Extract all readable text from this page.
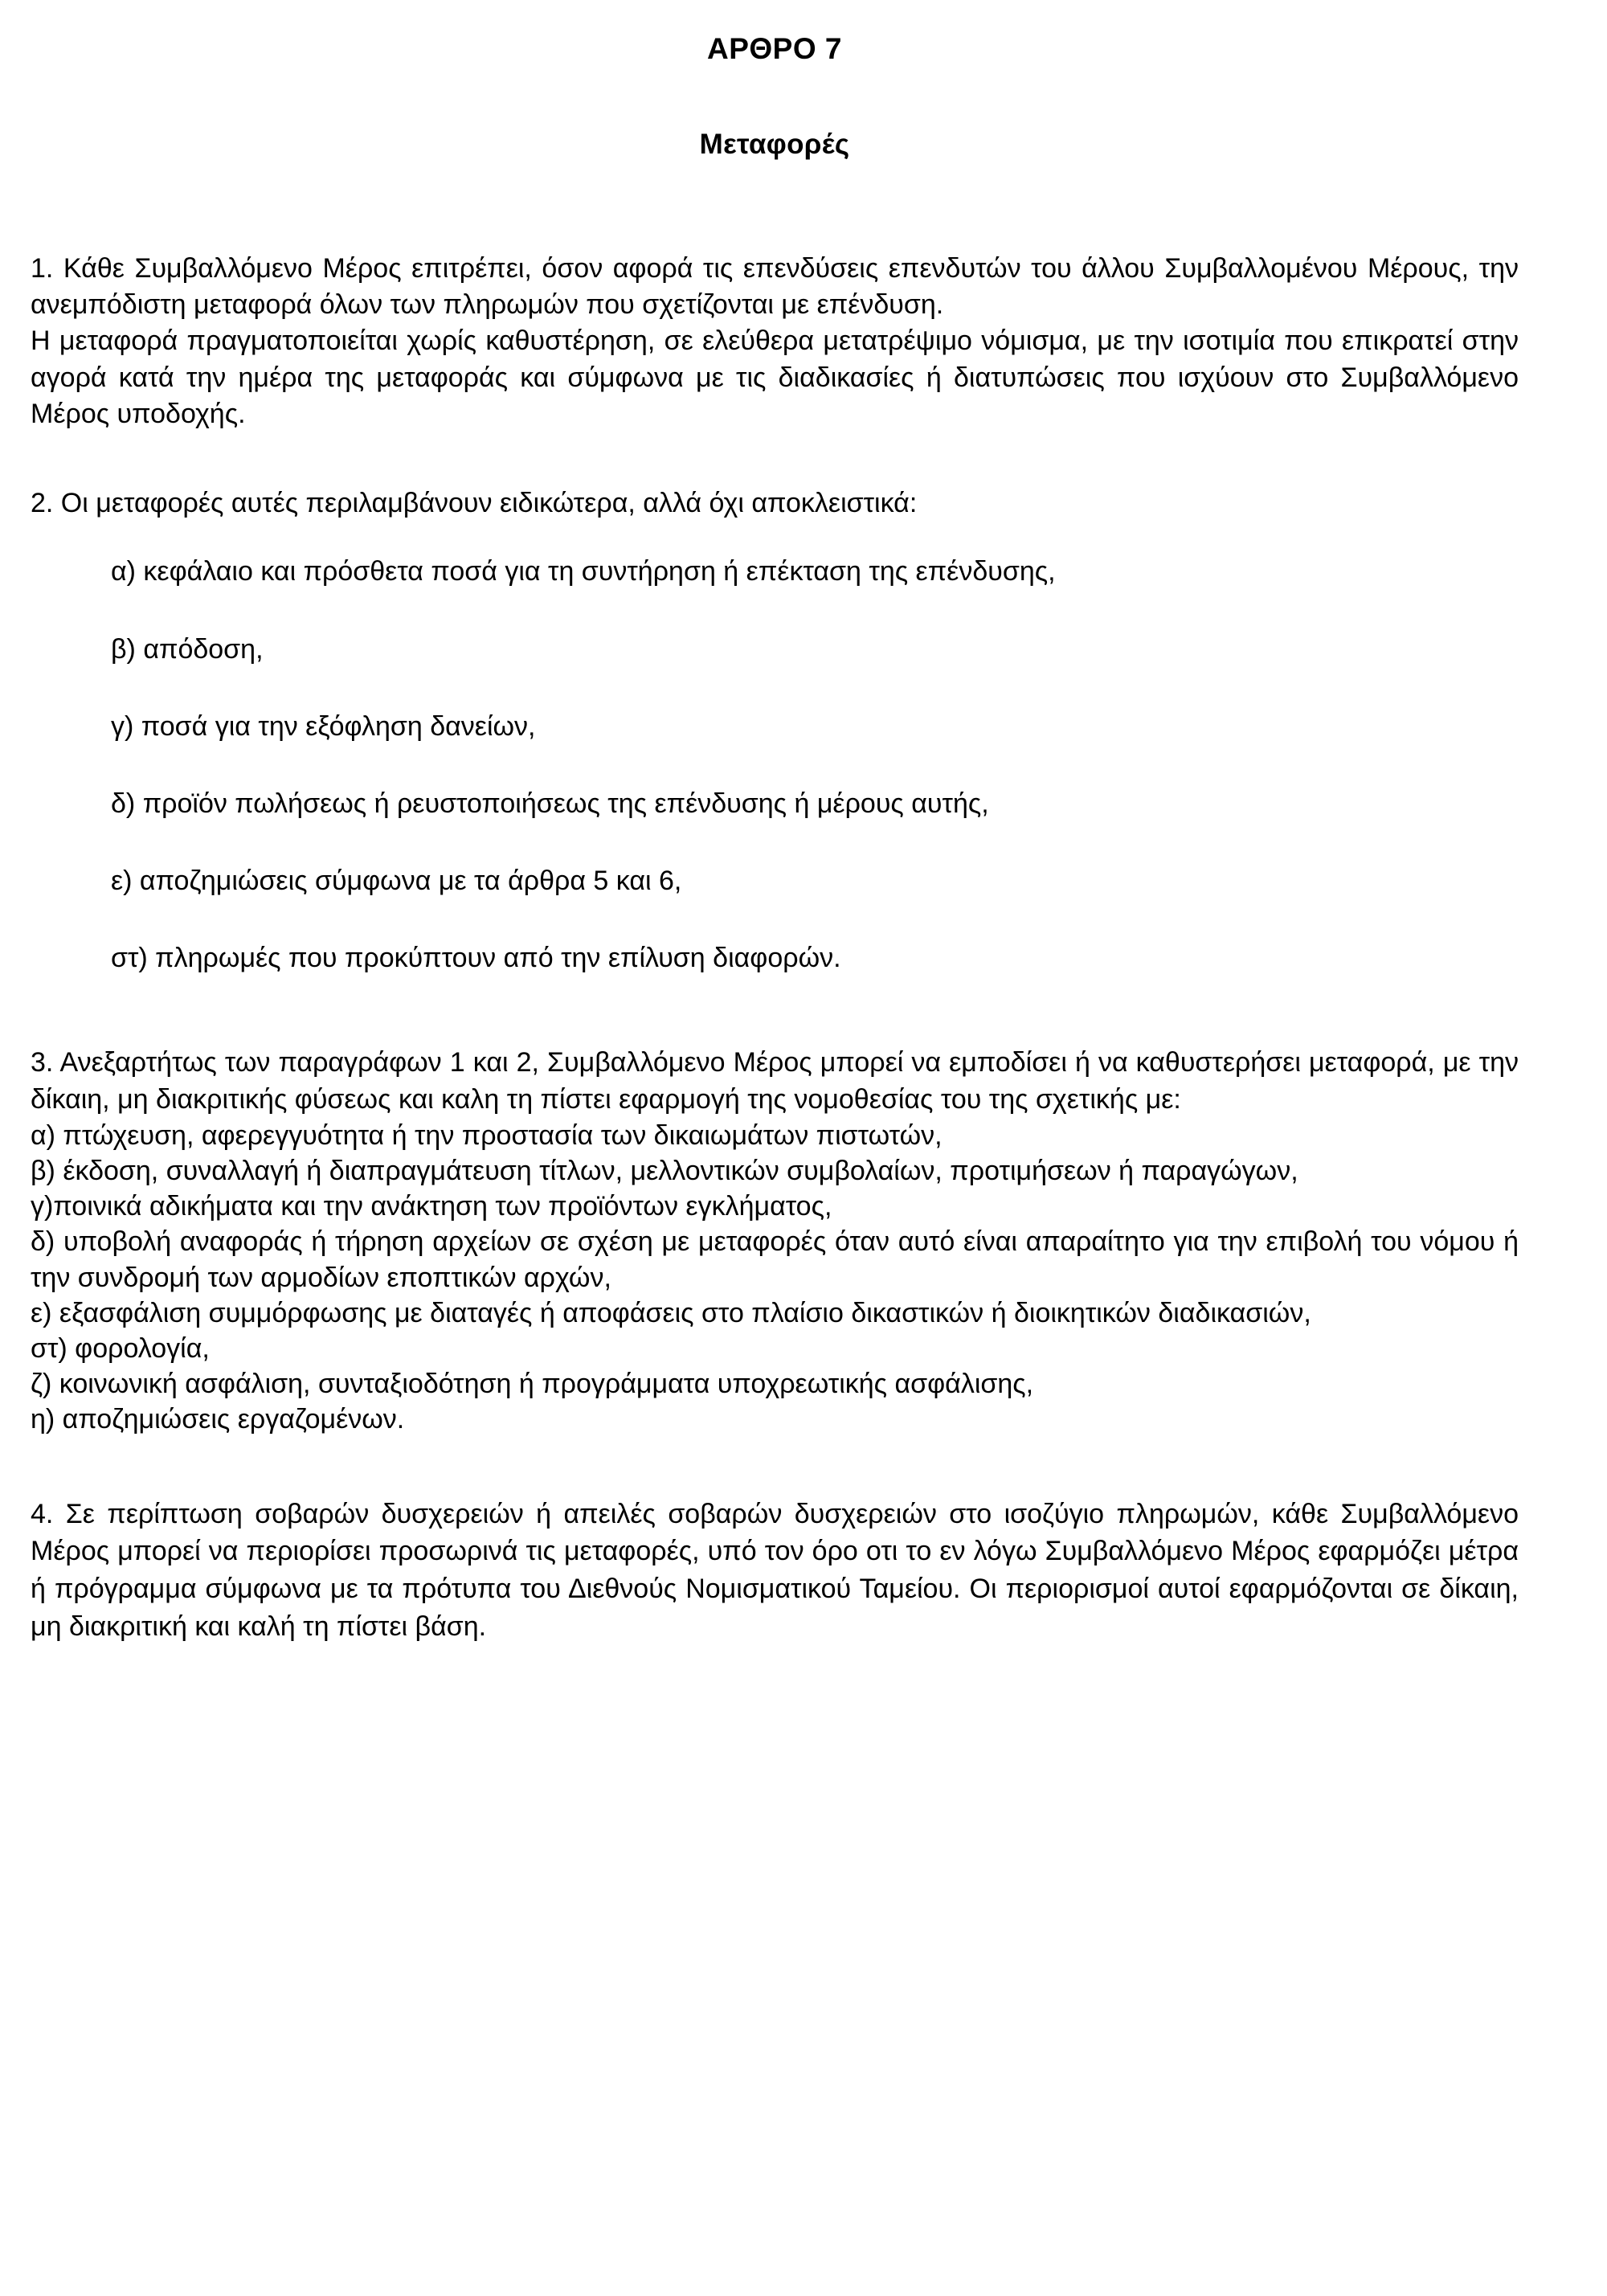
ΑΡΘΡΟ 7
Μεταφορές

1. Κάθε Συμβαλλόμενο Μέρος επιτρέπει, όσον αφορά τις επενδύσεις επενδυτών του άλλου Συμβαλλομένου Μέρους, την ανεμπόδιστη μεταφορά όλων των πληρωμών που σχετίζονται με επένδυση.

Η μεταφορά πραγματοποιείται χωρίς καθυστέρηση, σε ελεύθερα μετατρέψιμο νόμισμα, με την ισοτιμία που επικρατεί στην αγορά κατά την ημέρα της μεταφοράς και σύμφωνα με τις διαδικασίες ή διατυπώσεις που ισχύουν στο Συμβαλλόμενο Μέρος υποδοχής.

2. Οι μεταφορές αυτές περιλαμβάνουν ειδικώτερα, αλλά όχι αποκλειστικά:

α) κεφάλαιο και πρόσθετα ποσά για τη συντήρηση ή επέκταση της επένδυσης,

β) απόδοση,

γ) ποσά για την εξόφληση δανείων,

δ) προϊόν πωλήσεως ή ρευστοποιήσεως της επένδυσης ή μέρους αυτής,

ε) αποζημιώσεις σύμφωνα με τα άρθρα 5 και 6,

στ) πληρωμές που προκύπτουν από την επίλυση διαφορών.

3. Ανεξαρτήτως των παραγράφων 1 και 2, Συμβαλλόμενο Μέρος μπορεί να εμποδίσει ή να καθυστερήσει μεταφορά, με την δίκαιη, μη διακριτικής φύσεως και καλη τη πίστει εφαρμογή της νομοθεσίας του της σχετικής με:

α) πτώχευση, αφερεγγυότητα ή την προστασία των δικαιωμάτων πιστωτών,

β) έκδοση, συναλλαγή ή διαπραγμάτευση τίτλων, μελλοντικών συμβολαίων, προτιμήσεων ή παραγώγων,

γ)ποινικά αδικήματα και την ανάκτηση των προϊόντων εγκλήματος,

δ) υποβολή αναφοράς ή τήρηση αρχείων σε σχέση με μεταφορές όταν αυτό είναι απαραίτητο για την επιβολή του νόμου ή την συνδρομή των αρμοδίων εποπτικών αρχών,

ε) εξασφάλιση συμμόρφωσης με διαταγές ή αποφάσεις στο πλαίσιο δικαστικών ή διοικητικών διαδικασιών,

στ) φορολογία,

ζ) κοινωνική ασφάλιση, συνταξιοδότηση ή προγράμματα υποχρεωτικής ασφάλισης,

η) αποζημιώσεις εργαζομένων.

4. Σε περίπτωση σοβαρών δυσχερειών ή απειλές σοβαρών δυσχερειών στο ισοζύγιο πληρωμών, κάθε Συμβαλλόμενο Μέρος μπορεί να περιορίσει προσωρινά τις μεταφορές, υπό τον όρο οτι το εν λόγω Συμβαλλόμενο Μέρος εφαρμόζει μέτρα ή πρόγραμμα σύμφωνα με τα πρότυπα του Διεθνούς Νομισματικού Ταμείου. Οι περιορισμοί αυτοί εφαρμόζονται σε δίκαιη, μη διακριτική και καλή τη πίστει βάση.
